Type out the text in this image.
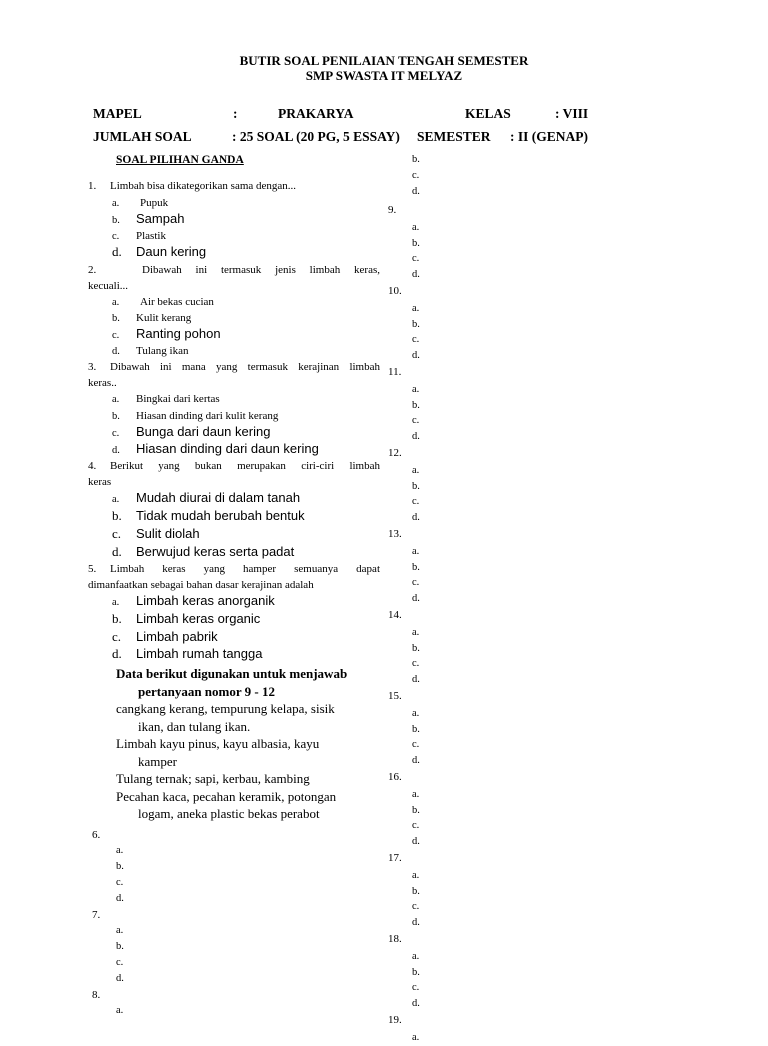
BUTIR SOAL PENILAIAN TENGAH SEMESTER
SMP SWASTA IT MELYAZ
MAPEL	:	PRAKARYA	KELAS	: VIII
JUMLAH SOAL	: 25 SOAL (20 PG, 5 ESSAY) SEMESTER : II (GENAP)
SOAL PILIHAN GANDA
1.	Limbah bisa dikategorikan sama dengan...
a.	Pupuk
b.	Sampah
c.	Plastik
d.	Daun kering
2.	Dibawah ini termasuk jenis limbah keras,
kecuali...
a.	Air bekas cucian
b.	Kulit kerang
c.	Ranting pohon
d.	Tulang ikan
3.	Dibawah ini mana yang termasuk kerajinan limbah
keras..
a.	Bingkai dari kertas
b.	Hiasan dinding dari kulit kerang
c.	Bunga dari daun kering
d.	Hiasan dinding dari daun kering
4.	Berikut yang bukan merupakan ciri-ciri limbah
keras
a.	Mudah diurai di dalam tanah
b.	Tidak mudah berubah bentuk
c.	Sulit diolah
d.	Berwujud keras serta padat
5.	Limbah keras yang hamper semuanya dapat
dimanfaatkan sebagai bahan dasar kerajinan adalah
a.	Limbah keras anorganik
b.	Limbah keras organic
c.	Limbah pabrik
d.	Limbah rumah tangga
Data berikut digunakan untuk menjawab
pertanyaan nomor 9 - 12
cangkang kerang, tempurung kelapa, sisik
ikan, dan tulang ikan.
Limbah kayu pinus, kayu albasia, kayu
kamper
Tulang ternak; sapi, kerbau, kambing
Pecahan kaca, pecahan keramik, potongan
logam, aneka plastic bekas perabot
6.
a.
b.
c.
d.
7.
a.
b.
c.
d.
8.
a.
b.
c.
d.
9.
a.
b.
c.
d.
10.
a.
b.
c.
d.
11.
a.
b.
c.
d.
12.
a.
b.
c.
d.
13.
a.
b.
c.
d.
14.
a.
b.
c.
d.
15.
a.
b.
c.
d.
16.
a.
b.
c.
d.
17.
a.
b.
c.
d.
18.
a.
b.
c.
d.
19.
a.
